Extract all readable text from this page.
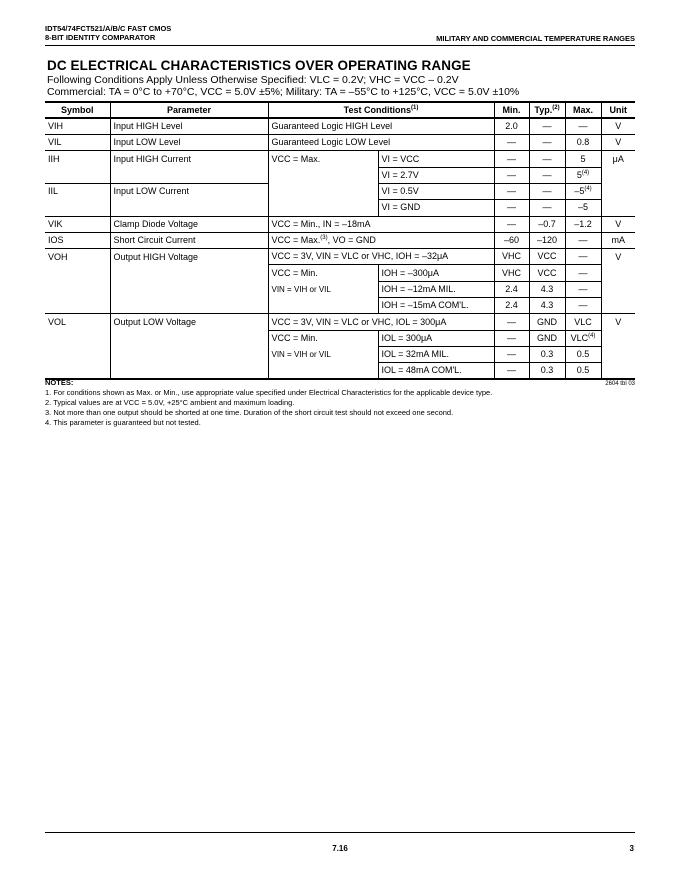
IDT54/74FCT521/A/B/C FAST CMOS
8-BIT IDENTITY COMPARATOR	MILITARY AND COMMERCIAL TEMPERATURE RANGES
DC ELECTRICAL CHARACTERISTICS OVER OPERATING RANGE
Following Conditions Apply Unless Otherwise Specified: VLC = 0.2V; VHC = VCC – 0.2V
Commercial: TA = 0°C to +70°C, VCC = 5.0V ±5%; Military: TA = –55°C to +125°C, VCC = 5.0V ±10%
Symbol	Parameter	Test Conditions$^{(1)}$		Min.	Typ.$^{(2)}$	Max.	Unit
VIH	Input HIGH Level	Guaranteed Logic HIGH Level		2.0	—	—	V
VIL	Input LOW Level	Guaranteed Logic LOW Level		—	—	0.8	V
IIH	Input HIGH Current	VCC = Max.	VI = VCC	—	—	5	μA
			VI = 2.7V	—	—	5$^{(4)}$	
IIL	Input LOW Current		VI = 0.5V	—	—	–5$^{(4)}$	
			VI = GND	—	—	–5	
VIK	Clamp Diode Voltage	VCC = Min., IN = –18mA		—	–0.7	–1.2	V
IOS	Short Circuit Current	VCC = Max.$^{(3)}$, VO = GND		–60	–120	—	mA
VOH	Output HIGH Voltage	VCC = 3V, VIN = VLC or VHC, IOH = –32μA		VHC	VCC	—	V
		VCC = Min.	IOH = –300μA	VHC	VCC	—	
		VIN = VIH or VIL	IOH = –12mA MIL.	2.4	4.3	—	
			IOH = –15mA COM'L.	2.4	4.3	—	
VOL	Output LOW Voltage	VCC = 3V, VIN = VLC or VHC, IOL = 300μA		—	GND	VLC	V
		VCC = Min.	IOL = 300μA	—	GND	VLC$^{(4)}$	
		VIN = VIH or VIL	IOL = 32mA MIL.	—	0.3	0.5	
			IOL = 48mA COM'L.	—	0.3	0.5	
NOTES:	2604 tbl 03

1. For conditions shown as Max. or Min., use appropriate value specified under Electrical Characteristics for the applicable device type.

2. Typical values are at VCC = 5.0V, +25°C ambient and maximum loading.

3. Not more than one output should be shorted at one time. Duration of the short circuit test should not exceed one second.

4. This parameter is guaranteed but not tested.

7.16	3
